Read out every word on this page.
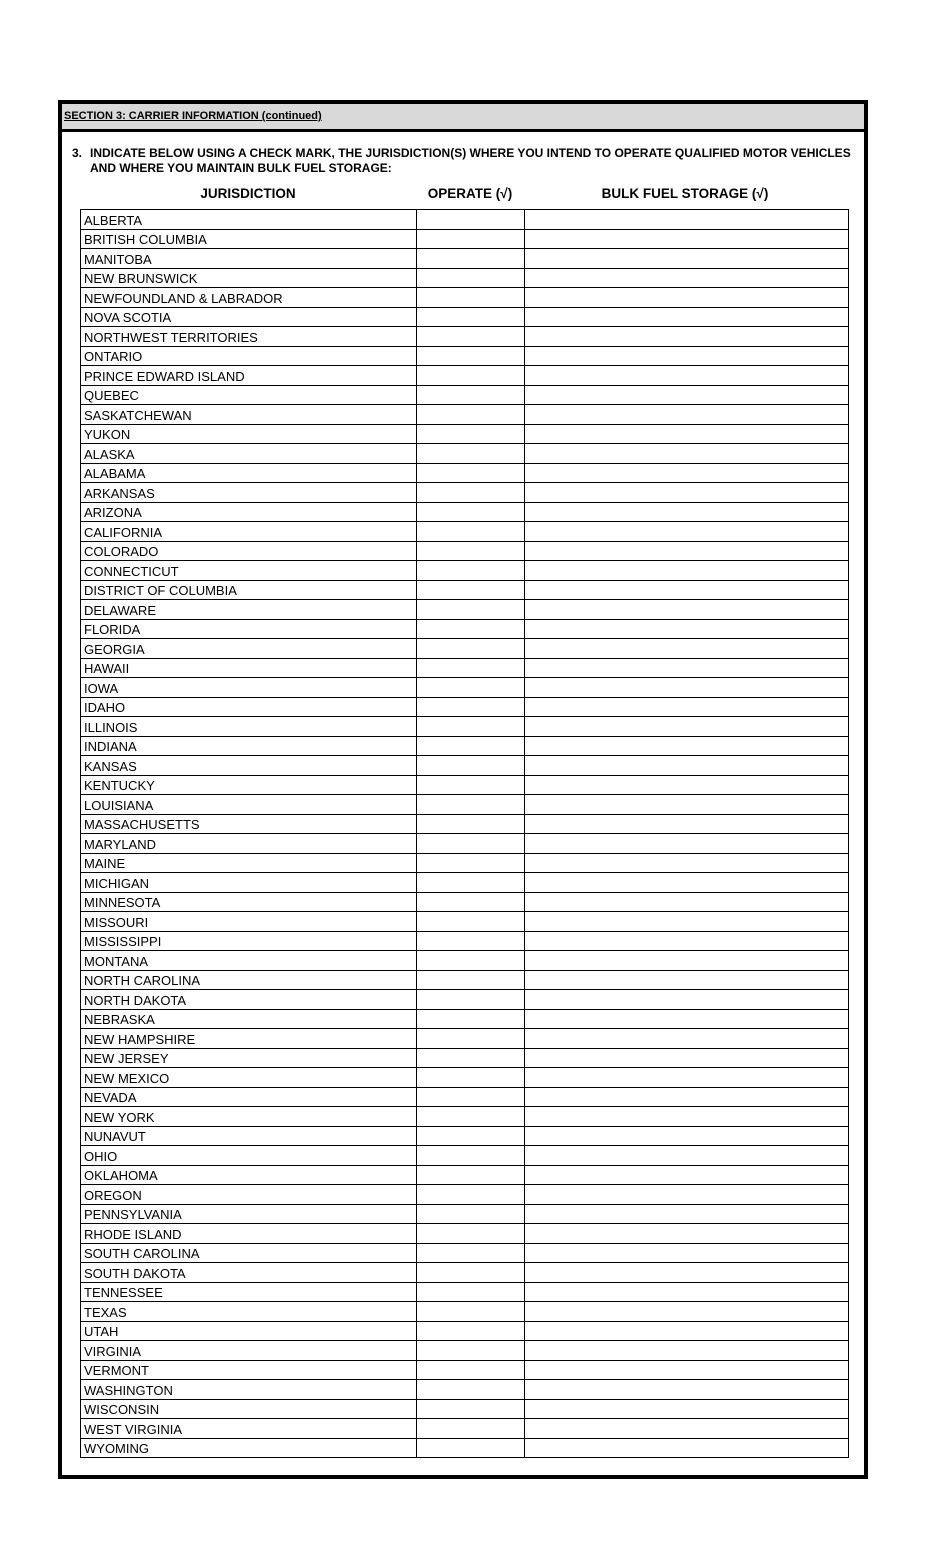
SECTION 3: CARRIER INFORMATION (continued)
3. INDICATE BELOW USING A CHECK MARK, THE JURISDICTION(S) WHERE YOU INTEND TO OPERATE QUALIFIED MOTOR VEHICLES AND WHERE YOU MAINTAIN BULK FUEL STORAGE:
JURISDICTION	OPERATE (√)	BULK FUEL STORAGE (√)
ALBERTA		
BRITISH COLUMBIA		
MANITOBA		
NEW BRUNSWICK		
NEWFOUNDLAND & LABRADOR		
NOVA SCOTIA		
NORTHWEST TERRITORIES		
ONTARIO		
PRINCE EDWARD ISLAND		
QUEBEC		
SASKATCHEWAN		
YUKON		
ALASKA		
ALABAMA		
ARKANSAS		
ARIZONA		
CALIFORNIA		
COLORADO		
CONNECTICUT		
DISTRICT OF COLUMBIA		
DELAWARE		
FLORIDA		
GEORGIA		
HAWAII		
IOWA		
IDAHO		
ILLINOIS		
INDIANA		
KANSAS		
KENTUCKY		
LOUISIANA		
MASSACHUSETTS		
MARYLAND		
MAINE		
MICHIGAN		
MINNESOTA		
MISSOURI		
MISSISSIPPI		
MONTANA		
NORTH CAROLINA		
NORTH DAKOTA		
NEBRASKA		
NEW HAMPSHIRE		
NEW JERSEY		
NEW MEXICO		
NEVADA		
NEW YORK		
NUNAVUT		
OHIO		
OKLAHOMA		
OREGON		
PENNSYLVANIA		
RHODE ISLAND		
SOUTH CAROLINA		
SOUTH DAKOTA		
TENNESSEE		
TEXAS		
UTAH		
VIRGINIA		
VERMONT		
WASHINGTON		
WISCONSIN		
WEST VIRGINIA		
WYOMING		
